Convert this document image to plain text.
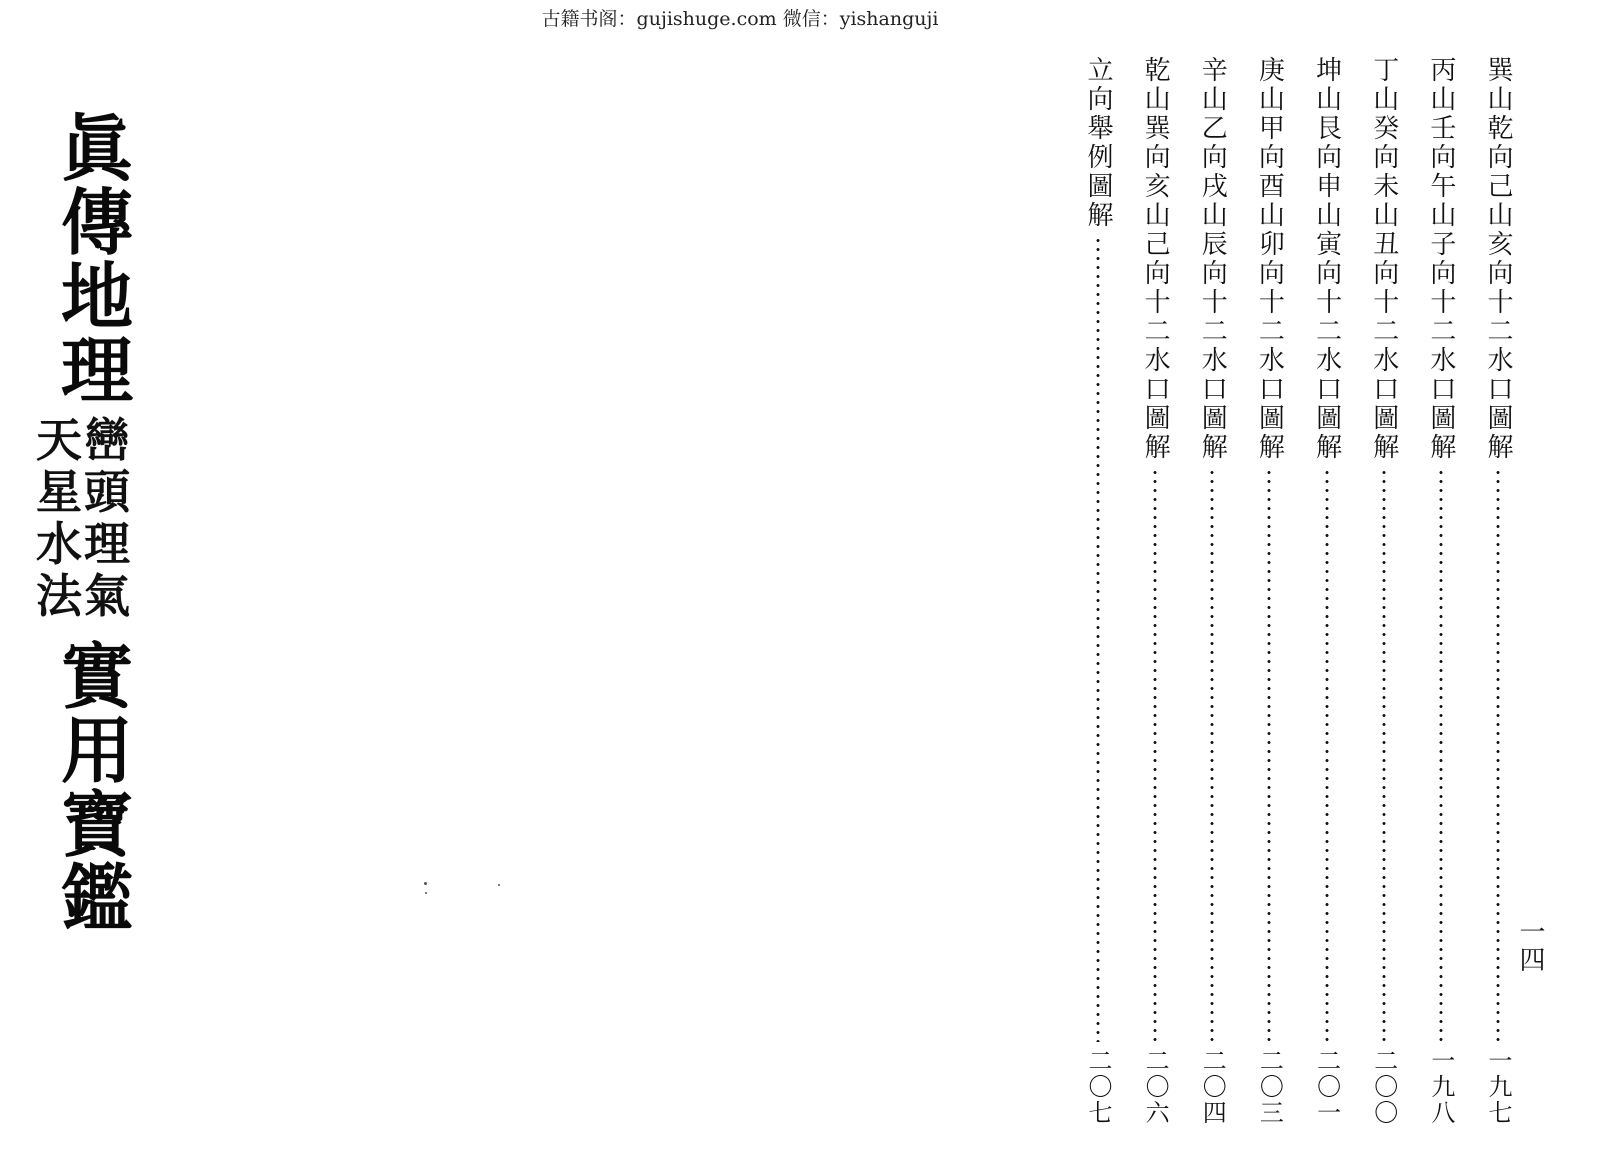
古籍书阁：gujishuge.com 微信：yishanguji
眞
傳
地
理
巒
頭
理
氣
天
星
水
法
實
用
寶
鑑
巽山乾向己山亥向十二水口圖解
一九七
丙山壬向午山子向十二水口圖解
一九八
丁山癸向未山丑向十二水口圖解
二〇〇
坤山艮向申山寅向十二水口圖解
二〇一
庚山甲向酉山卯向十二水口圖解
二〇三
辛山乙向戌山辰向十二水口圖解
二〇四
乾山巽向亥山己向十二水口圖解
二〇六
立向舉例圖解
二〇七
一四
